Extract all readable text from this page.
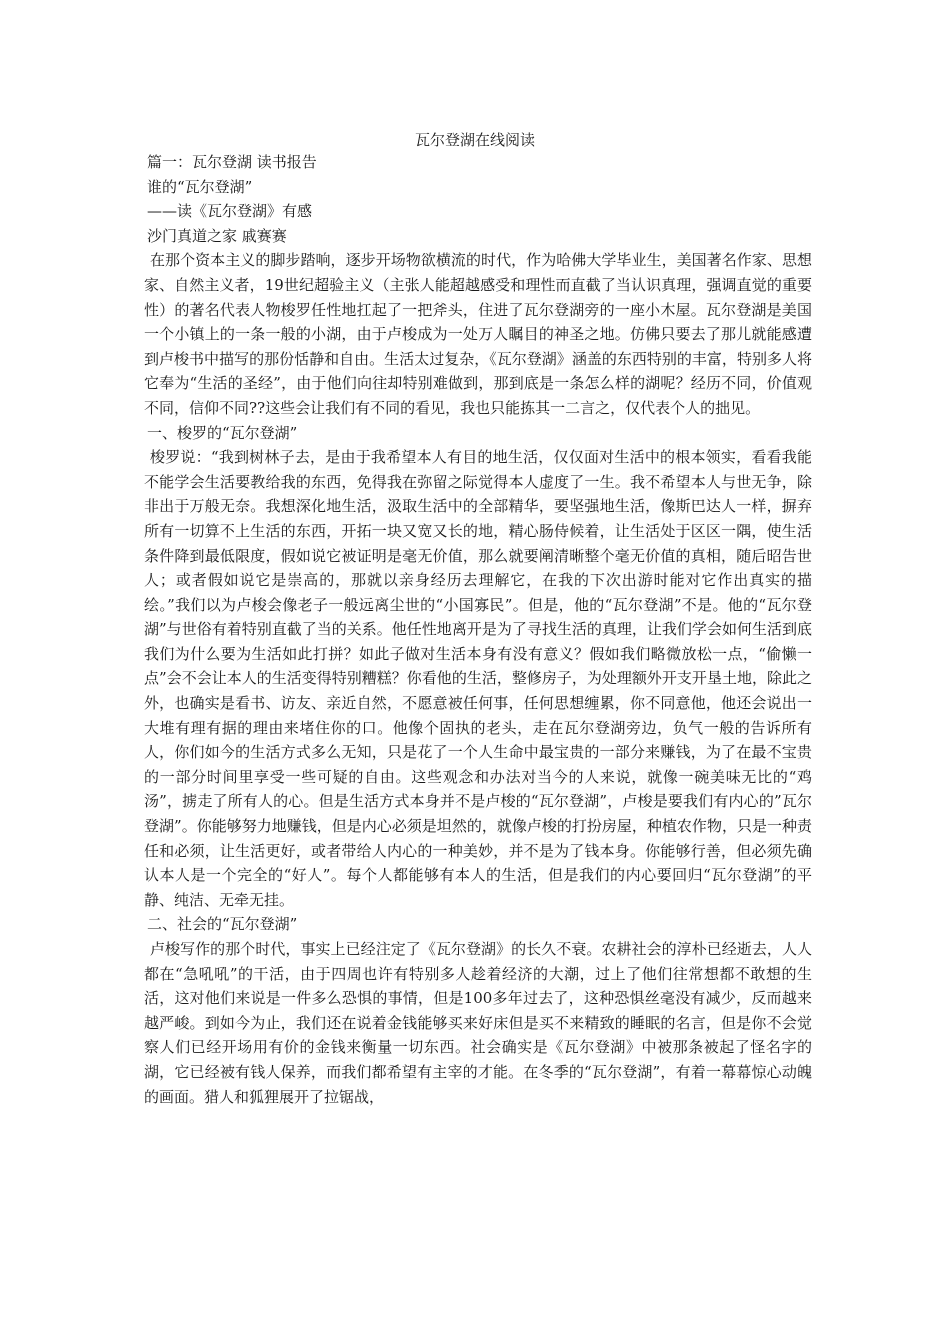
瓦尔登湖在线阅读

篇一：瓦尔登湖 读书报告

谁的“瓦尔登湖”

——读《瓦尔登湖》有感

沙门真道之家 戚赛赛

在那个资本主义的脚步踏响，逐步开场物欲横流的时代，作为哈佛大学毕业生，美国著名作家、思想家、自然主义者，19世纪超验主义（主张人能超越感受和理性而直截了当认识真理，强调直觉的重要性）的著名代表人物梭罗任性地扛起了一把斧头，住进了瓦尔登湖旁的一座小木屋。瓦尔登湖是美国一个小镇上的一条一般的小湖，由于卢梭成为一处万人瞩目的神圣之地。仿佛只要去了那儿就能感遭到卢梭书中描写的那份恬静和自由。生活太过复杂，《瓦尔登湖》涵盖的东西特别的丰富，特别多人将它奉为“生活的圣经”，由于他们向往却特别难做到，那到底是一条怎么样的湖呢？经历不同，价值观不同，信仰不同??这些会让我们有不同的看见，我也只能拣其一二言之，仅代表个人的拙见。

一、梭罗的“瓦尔登湖”

梭罗说：“我到树林子去，是由于我希望本人有目的地生活，仅仅面对生活中的根本领实，看看我能不能学会生活要教给我的东西，免得我在弥留之际觉得本人虚度了一生。我不希望本人与世无争，除非出于万般无奈。我想深化地生活，汲取生活中的全部精华，要坚强地生活，像斯巴达人一样，摒弃所有一切算不上生活的东西，开拓一块又宽又长的地，精心肠侍候着，让生活处于区区一隅，使生活条件降到最低限度，假如说它被证明是毫无价值，那么就要阐清晰整个毫无价值的真相，随后昭告世人；或者假如说它是崇高的，那就以亲身经历去理解它，在我的下次出游时能对它作出真实的描绘。”我们以为卢梭会像老子一般远离尘世的“小国寡民”。但是，他的“瓦尔登湖”不是。他的“瓦尔登湖”与世俗有着特别直截了当的关系。他任性地离开是为了寻找生活的真理，让我们学会如何生活到底我们为什么要为生活如此打拼？如此子做对生活本身有没有意义？假如我们略微放松一点，“偷懒一点”会不会让本人的生活变得特别糟糕？你看他的生活，整修房子，为处理额外开支开垦土地，除此之外，也确实是看书、访友、亲近自然，不愿意被任何事，任何思想缠累，你不同意他，他还会说出一大堆有理有据的理由来堵住你的口。他像个固执的老头，走在瓦尔登湖旁边，负气一般的告诉所有人，你们如今的生活方式多么无知，只是花了一个人生命中最宝贵的一部分来赚钱，为了在最不宝贵的一部分时间里享受一些可疑的自由。这些观念和办法对当今的人来说，就像一碗美味无比的“鸡汤”，掳走了所有人的心。但是生活方式本身并不是卢梭的“瓦尔登湖”，卢梭是要我们有内心的”瓦尔登湖”。你能够努力地赚钱，但是内心必须是坦然的，就像卢梭的打扮房屋，种植农作物，只是一种责任和必须，让生活更好，或者带给人内心的一种美妙，并不是为了钱本身。你能够行善，但必须先确认本人是一个完全的“好人”。每个人都能够有本人的生活，但是我们的内心要回归“瓦尔登湖”的平静、纯洁、无牵无挂。

二、社会的“瓦尔登湖”

卢梭写作的那个时代，事实上已经注定了《瓦尔登湖》的长久不衰。农耕社会的淳朴已经逝去，人人都在“急吼吼”的干活，由于四周也许有特别多人趁着经济的大潮，过上了他们往常想都不敢想的生活，这对他们来说是一件多么恐惧的事情，但是100多年过去了，这种恐惧丝毫没有减少，反而越来越严峻。到如今为止，我们还在说着金钱能够买来好床但是买不来精致的睡眠的名言，但是你不会觉察人们已经开场用有价的金钱来衡量一切东西。社会确实是《瓦尔登湖》中被那条被起了怪名字的湖，它已经被有钱人保养，而我们都希望有主宰的才能。在冬季的“瓦尔登湖”，有着一幕幕惊心动魄的画面。猎人和狐狸展开了拉锯战，
